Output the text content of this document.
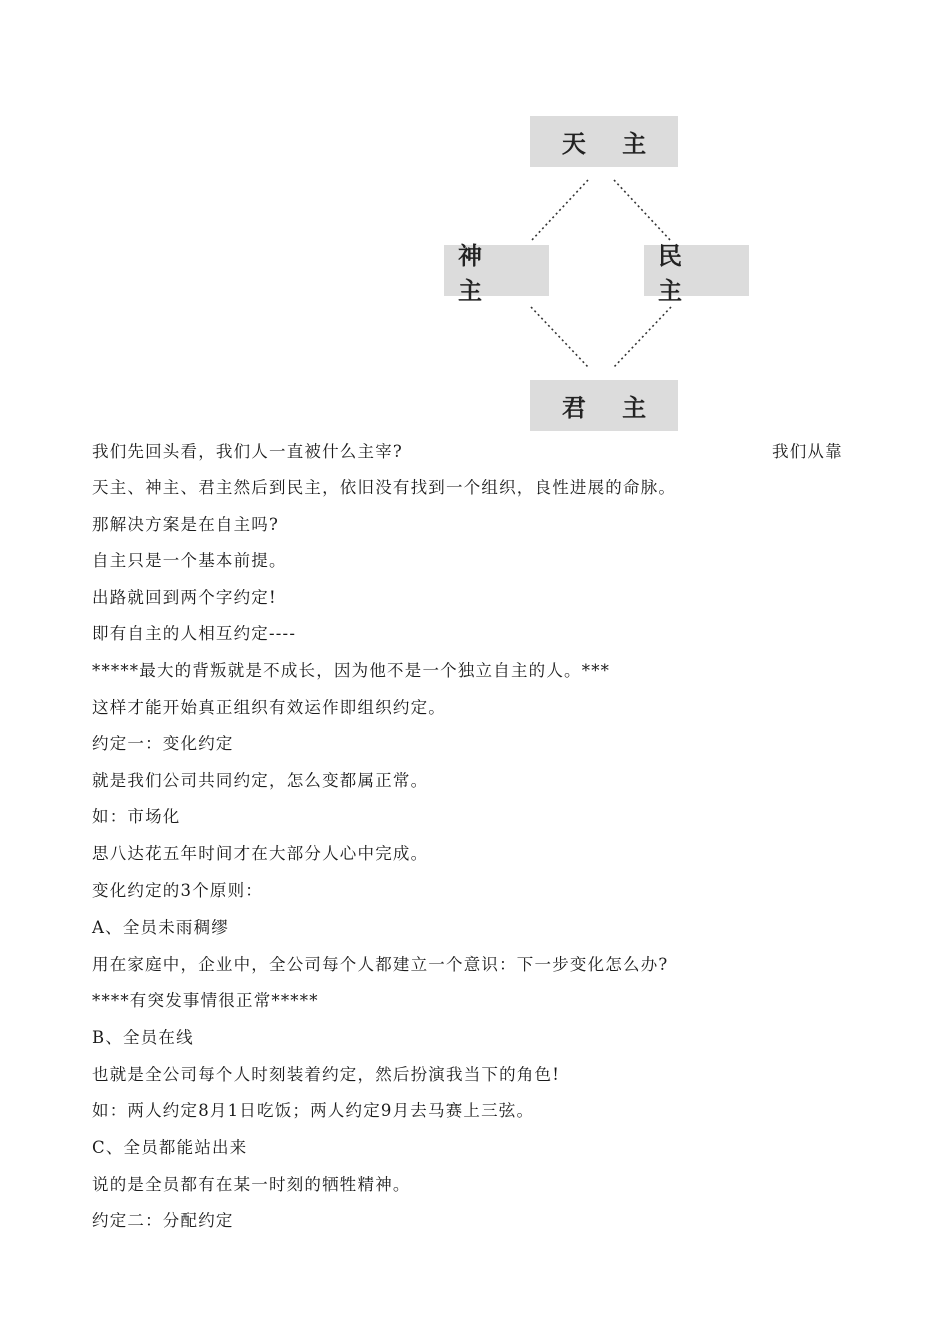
天 主
神 主
民 主
君 主
我们先回头看，我们人一直被什么主宰?	我们从靠
天主、神主、君主然后到民主，依旧没有找到一个组织，良性进展的命脉。
那解决方案是在自主吗?
自主只是一个基本前提。
出路就回到两个字约定!
即有自主的人相互约定----
*****最大的背叛就是不成长，因为他不是一个独立自主的人。***
这样才能开始真正组织有效运作即组织约定。
约定一：变化约定
就是我们公司共同约定，怎么变都属正常。
如：市场化
思八达花五年时间才在大部分人心中完成。
变化约定的3个原则：
A、全员未雨稠缪
用在家庭中，企业中，全公司每个人都建立一个意识：下一步变化怎么办?
****有突发事情很正常*****
B、全员在线
也就是全公司每个人时刻装着约定，然后扮演我当下的角色!
如：两人约定8月1日吃饭；两人约定9月去马赛上三弦。
C、全员都能站出来
说的是全员都有在某一时刻的牺牲精神。
约定二：分配约定
